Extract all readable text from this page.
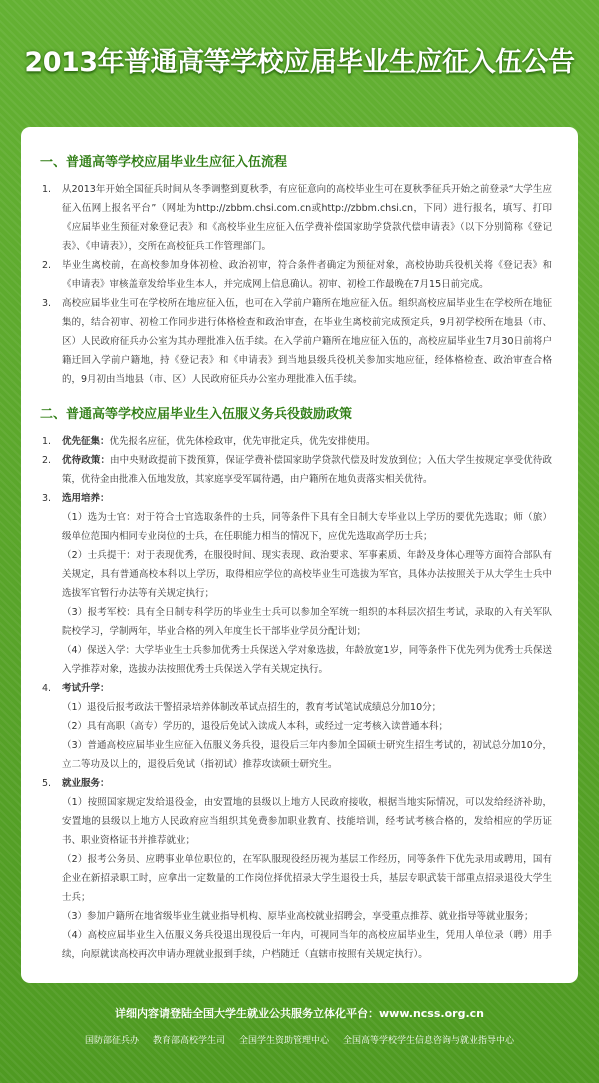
2013年普通高等学校应届毕业生应征入伍公告
一、普通高等学校应届毕业生应征入伍流程
1.	从2013年开始全国征兵时间从冬季调整到夏秋季，有应征意向的高校毕业生可在夏秋季征兵开始之前登录“大学生应征入伍网上报名平台”（网址为http://zbbm.chsi.com.cn或http://zbbm.chsi.cn，下同）进行报名，填写、打印《应届毕业生预征对象登记表》和《高校毕业生应征入伍学费补偿国家助学贷款代偿申请表》（以下分别简称《登记表》、《申请表》），交所在高校征兵工作管理部门。
2.	毕业生离校前，在高校参加身体初检、政治初审，符合条件者确定为预征对象，高校协助兵役机关将《登记表》和《申请表》审核盖章发给毕业生本人，并完成网上信息确认。初审、初检工作最晚在7月15日前完成。
3.	高校应届毕业生可在学校所在地应征入伍，也可在入学前户籍所在地应征入伍。组织高校应届毕业生在学校所在地征集的，结合初审、初检工作同步进行体格检查和政治审查，在毕业生离校前完成预定兵，9月初学校所在地县（市、区）人民政府征兵办公室为其办理批准入伍手续。在入学前户籍所在地应征入伍的，高校应届毕业生7月30日前将户籍迁回入学前户籍地，持《登记表》和《申请表》到当地县级兵役机关参加实地应征，经体格检查、政治审查合格的，9月初由当地县（市、区）人民政府征兵办公室办理批准入伍手续。
二、普通高等学校应届毕业生入伍服义务兵役鼓励政策
1.	优先征集：优先报名应征，优先体检政审，优先审批定兵，优先安排使用。
2.	优待政策：由中央财政提前下拨预算，保证学费补偿国家助学贷款代偿及时发放到位；入伍大学生按规定享受优待政策，优待金由批准入伍地发放，其家庭享受军属待遇，由户籍所在地负责落实相关优待。
3.	选用培养：
（1）选为士官：对于符合士官选取条件的士兵，同等条件下具有全日制大专毕业以上学历的要优先选取；师（旅）级单位范围内相同专业岗位的士兵，在任职能力相当的情况下，应优先选取高学历士兵；
（2）士兵提干：对于表现优秀，在服役时间、现实表现、政治要求、军事素质、年龄及身体心理等方面符合部队有关规定，具有普通高校本科以上学历，取得相应学位的高校毕业生可选拔为军官，具体办法按照关于从大学生士兵中选拔军官暂行办法等有关规定执行；
（3）报考军校：具有全日制专科学历的毕业生士兵可以参加全军统一组织的本科层次招生考试，录取的入有关军队院校学习，学制两年，毕业合格的列入年度生长干部毕业学员分配计划；
（4）保送入学：大学毕业生士兵参加优秀士兵保送入学对象选拔，年龄放宽1岁，同等条件下优先列为优秀士兵保送入学推荐对象，选拔办法按照优秀士兵保送入学有关规定执行。
4.	考试升学：
（1）退役后报考政法干警招录培养体制改革试点招生的，教育考试笔试成绩总分加10分；
（2）具有高职（高专）学历的，退役后免试入读成人本科，或经过一定考核入读普通本科；
（3）普通高校应届毕业生应征入伍服义务兵役，退役后三年内参加全国硕士研究生招生考试的，初试总分加10分，立二等功及以上的，退役后免试（指初试）推荐攻读硕士研究生。
5.	就业服务：
（1）按照国家规定发给退役金，由安置地的县级以上地方人民政府接收，根据当地实际情况，可以发给经济补助，安置地的县级以上地方人民政府应当组织其免费参加职业教育、技能培训，经考试考核合格的，发给相应的学历证书、职业资格证书并推荐就业；
（2）报考公务员、应聘事业单位职位的，在军队服现役经历视为基层工作经历，同等条件下优先录用或聘用，国有企业在新招录职工时，应拿出一定数量的工作岗位择优招录大学生退役士兵，基层专职武装干部重点招录退役大学生士兵；
（3）参加户籍所在地省级毕业生就业指导机构、原毕业高校就业招聘会，享受重点推荐、就业指导等就业服务；
（4）高校应届毕业生入伍服义务兵役退出现役后一年内，可视同当年的高校应届毕业生，凭用人单位录（聘）用手续，向原就读高校再次申请办理就业报到手续，户档随迁（直辖市按照有关规定执行）。
详细内容请登陆全国大学生就业公共服务立体化平台：www.ncss.org.cn
国防部征兵办 教育部高校学生司 全国学生资助管理中心 全国高等学校学生信息咨询与就业指导中心
